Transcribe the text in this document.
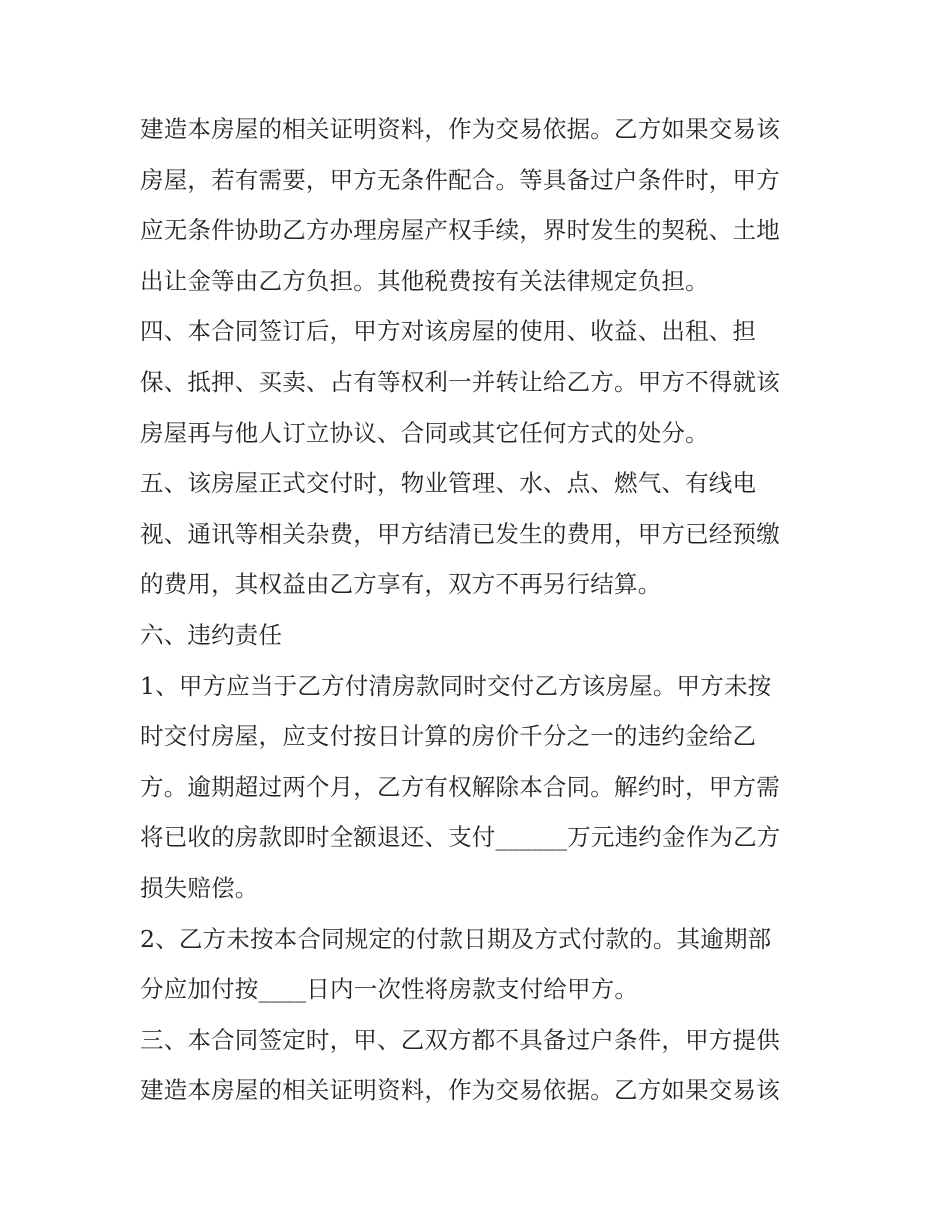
建造本房屋的相关证明资料，作为交易依据。乙方如果交易该
房屋，若有需要，甲方无条件配合。等具备过户条件时，甲方
应无条件协助乙方办理房屋产权手续，界时发生的契税、土地
出让金等由乙方负担。其他税费按有关法律规定负担。
四、本合同签订后，甲方对该房屋的使用、收益、出租、担
保、抵押、买卖、占有等权利一并转让给乙方。甲方不得就该
房屋再与他人订立协议、合同或其它任何方式的处分。
五、该房屋正式交付时，物业管理、水、点、燃气、有线电
视、通讯等相关杂费，甲方结清已发生的费用，甲方已经预缴
的费用，其权益由乙方享有，双方不再另行结算。
六、违约责任
1、甲方应当于乙方付清房款同时交付乙方该房屋。甲方未按
时交付房屋，应支付按日计算的房价千分之一的违约金给乙
方。逾期超过两个月，乙方有权解除本合同。解约时，甲方需
将已收的房款即时全额退还、支付______万元违约金作为乙方
损失赔偿。
2、乙方未按本合同规定的付款日期及方式付款的。其逾期部
分应加付按____日内一次性将房款支付给甲方。
三、本合同签定时，甲、乙双方都不具备过户条件，甲方提供
建造本房屋的相关证明资料，作为交易依据。乙方如果交易该
